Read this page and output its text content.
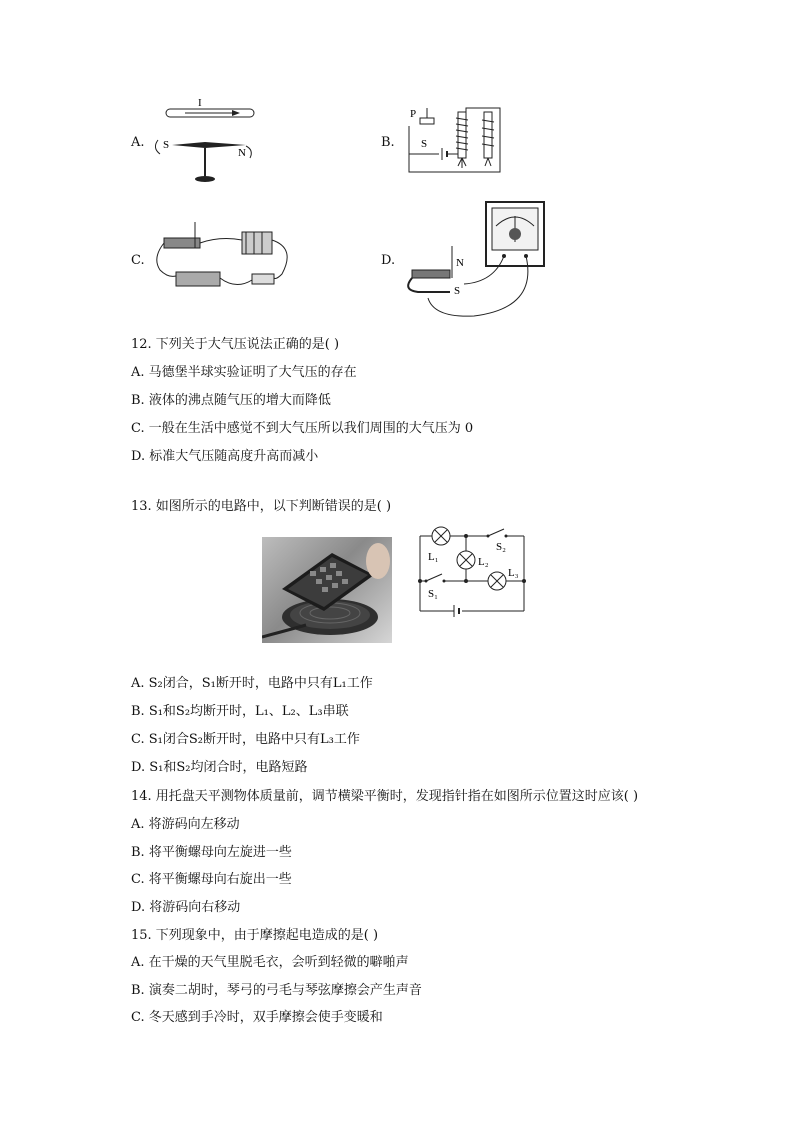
A.
I
S
N
B.
P
S
C.	D.	N
S
12. 下列关于大气压说法正确的是( )
A. 马德堡半球实验证明了大气压的存在
B. 液体的沸点随气压的增大而降低
C. 一般在生活中感觉不到大气压所以我们周围的大气压为 0
D. 标准大气压随高度升高而减小
13. 如图所示的电路中，以下判断错误的是( )
L₁	L₂
L₃
S₁
S₂
A. S₂闭合，S₁断开时，电路中只有L₁工作
B. S₁和S₂均断开时，L₁、L₂、L₃串联
C. S₁闭合S₂断开时，电路中只有L₃工作
D. S₁和S₂均闭合时，电路短路
14. 用托盘天平测物体质量前，调节横梁平衡时，发现指针指在如图所示位置这时应该( )
A. 将游码向左移动
B. 将平衡螺母向左旋进一些
C. 将平衡螺母向右旋出一些
D. 将游码向右移动
15. 下列现象中，由于摩擦起电造成的是( )
A. 在干燥的天气里脱毛衣，会听到轻微的噼啪声
B. 演奏二胡时，琴弓的弓毛与琴弦摩擦会产生声音
C. 冬天感到手冷时，双手摩擦会使手变暖和
